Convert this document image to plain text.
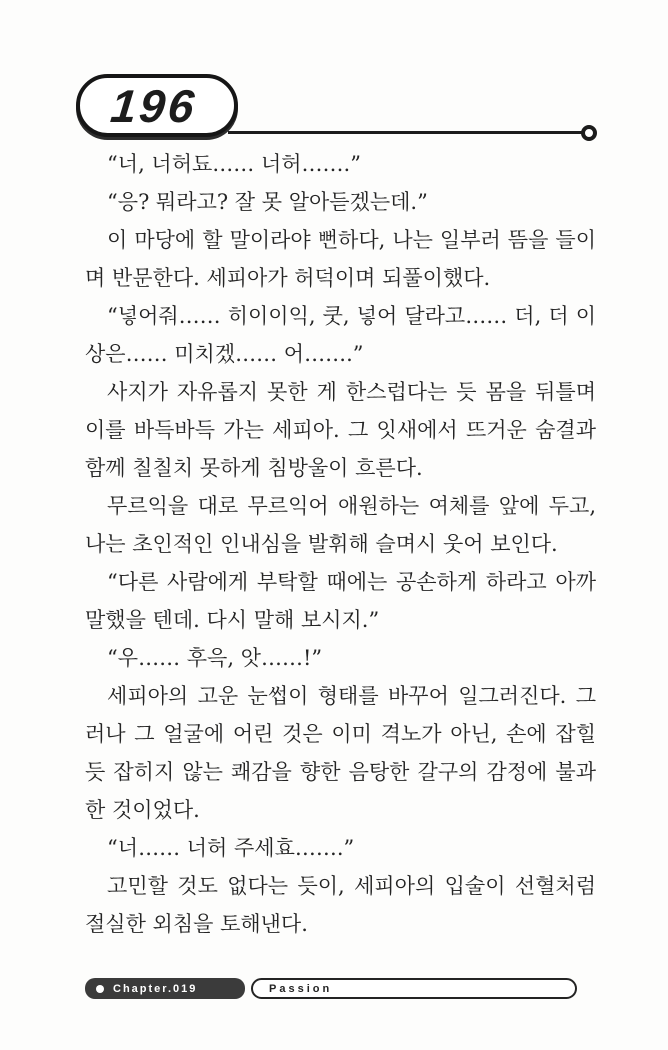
196

“너, 너허됴…… 너허…….”

“응? 뭐라고? 잘 못 알아듣겠는데.”

이 마당에 할 말이라야 뻔하다, 나는 일부러 뜸을 들이며 반문한다. 세피아가 허덕이며 되풀이했다.

“넣어줘…… 히이이익, 쿳, 넣어 달라고…… 더, 더 이상은…… 미치겠…… 어…….”

사지가 자유롭지 못한 게 한스럽다는 듯 몸을 뒤틀며 이를 바득바득 가는 세피아. 그 잇새에서 뜨거운 숨결과 함께 칠칠치 못하게 침방울이 흐른다.

무르익을 대로 무르익어 애원하는 여체를 앞에 두고, 나는 초인적인 인내심을 발휘해 슬며시 웃어 보인다.

“다른 사람에게 부탁할 때에는 공손하게 하라고 아까 말했을 텐데. 다시 말해 보시지.”

“우…… 후윽, 앗……!”

세피아의 고운 눈썹이 형태를 바꾸어 일그러진다. 그러나 그 얼굴에 어린 것은 이미 격노가 아닌, 손에 잡힐 듯 잡히지 않는 쾌감을 향한 음탕한 갈구의 감정에 불과한 것이었다.

“너…… 너허 주세효…….”

고민할 것도 없다는 듯이, 세피아의 입술이 선혈처럼 절실한 외침을 토해낸다.

Chapter.019	Passion
